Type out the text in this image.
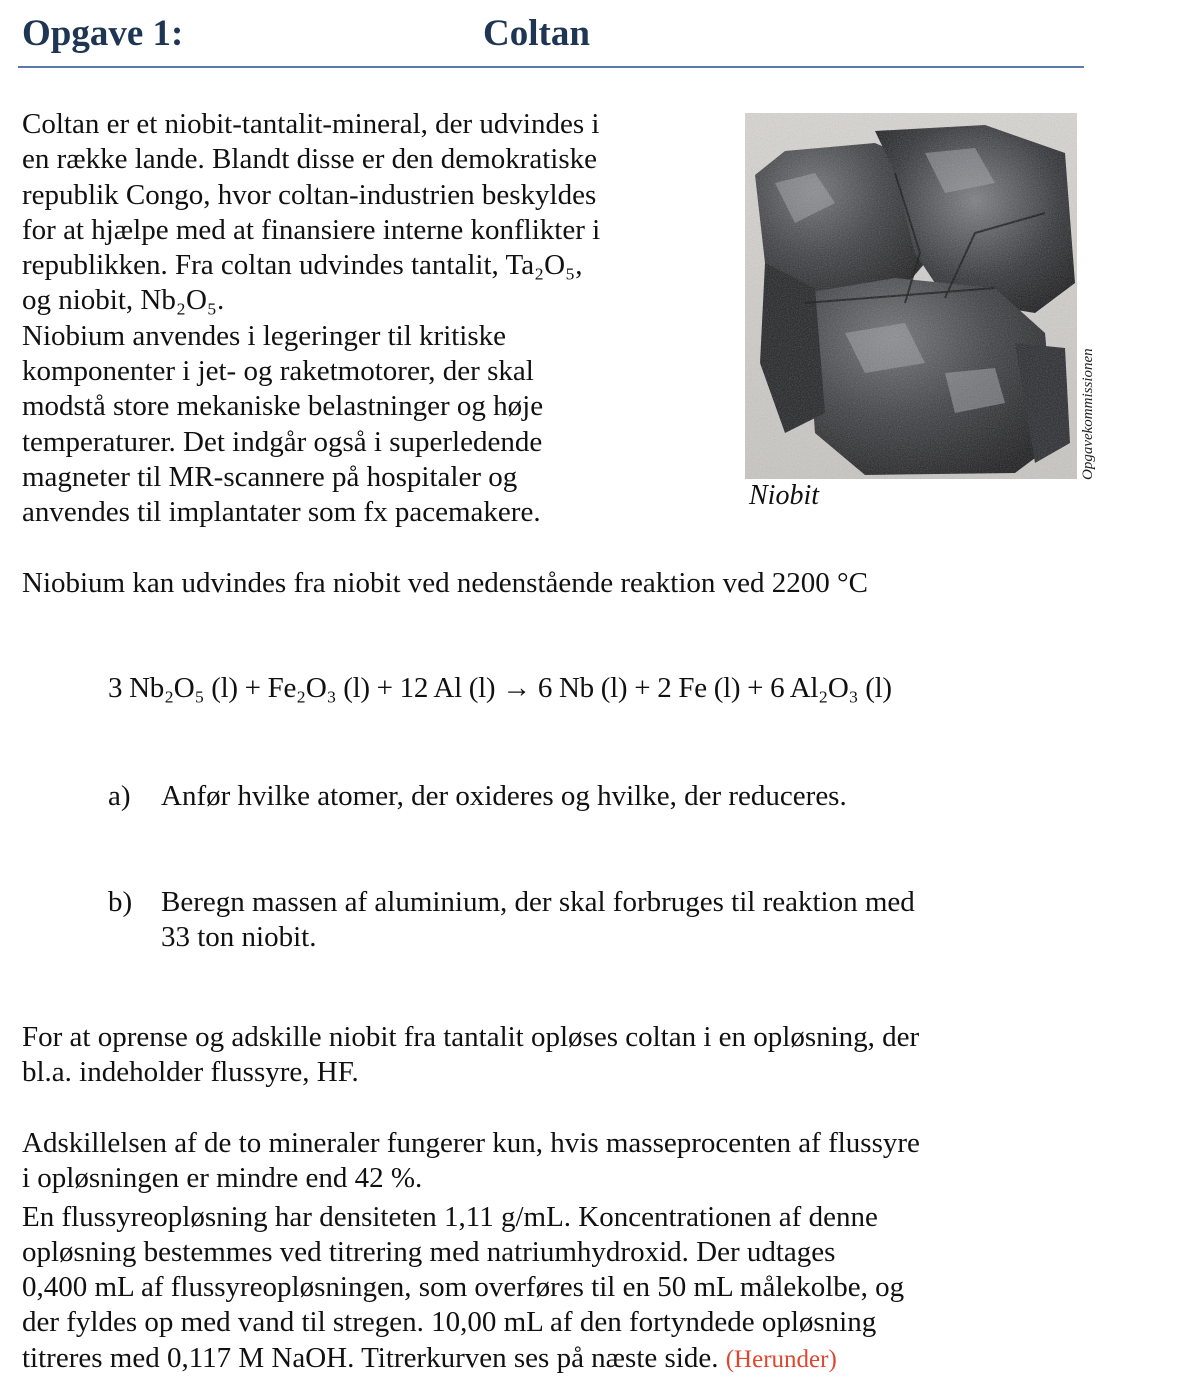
Opgave 1:	Coltan

Coltan er et niobit-tantalit-mineral, der udvindes i

en række lande. Blandt disse er den demokratiske

republik Congo, hvor coltan-industrien beskyldes

for at hjælpe med at finansiere interne konflikter i

republikken. Fra coltan udvindes tantalit, Ta₂O₅,

og niobit, Nb₂O₅.

Niobium anvendes i legeringer til kritiske

komponenter i jet- og raketmotorer, der skal

modstå store mekaniske belastninger og høje

temperaturer. Det indgår også i superledende

magneter til MR-scannere på hospitaler og

anvendes til implantater som fx pacemakere.

Niobit
Opgavekommissionen
Niobium kan udvindes fra niobit ved nedenstående reaktion ved 2200 °C
3 Nb₂O₅ (l) + Fe₂O₃ (l) + 12 Al (l) → 6 Nb (l) + 2 Fe (l) + 6 Al₂O₃ (l)
a) Anfør hvilke atomer, der oxideres og hvilke, der reduceres.
b) Beregn massen af aluminium, der skal forbruges til reaktion med
33 ton niobit.

For at oprense og adskille niobit fra tantalit opløses coltan i en opløsning, der

bl.a. indeholder flussyre, HF.

Adskillelsen af de to mineraler fungerer kun, hvis masseprocenten af flussyre

i opløsningen er mindre end 42 %.

En flussyreopløsning har densiteten 1,11 g/mL. Koncentrationen af denne

opløsning bestemmes ved titrering med natriumhydroxid. Der udtages

0,400 mL af flussyreopløsningen, som overføres til en 50 mL målekolbe, og

der fyldes op med vand til stregen. 10,00 mL af den fortyndede opløsning

titreres med 0,117 M NaOH. Titrerkurven ses på næste side. (Herunder)
